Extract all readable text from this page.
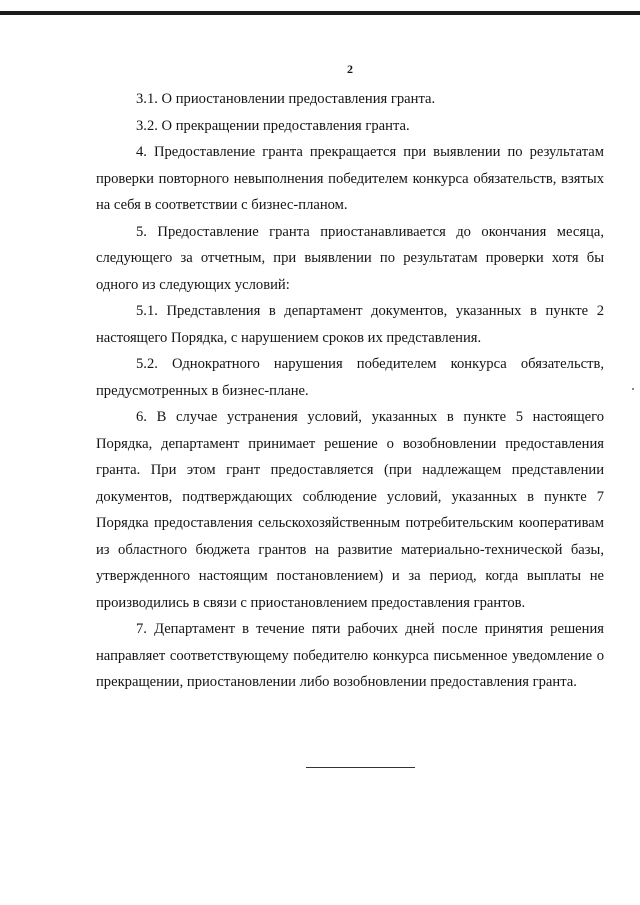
2

3.1. О приостановлении предоставления гранта.

3.2. О прекращении предоставления гранта.

4. Предоставление гранта прекращается при выявлении по результатам проверки повторного невыполнения победителем конкурса обязательств, взятых на себя в соответствии с бизнес-планом.

5. Предоставление гранта приостанавливается до окончания месяца, следующего за отчетным, при выявлении по результатам проверки хотя бы одного из следующих условий:

5.1. Представления в департамент документов, указанных в пункте 2 настоящего Порядка, с нарушением сроков их представления.

5.2. Однократного нарушения победителем конкурса обязательств, предусмотренных в бизнес-плане.

6. В случае устранения условий, указанных в пункте 5 настоящего Порядка, департамент принимает решение о возобновлении предоставления гранта. При этом грант предоставляется (при надлежащем представлении документов, подтверждающих соблюдение условий, указанных в пункте 7 Порядка предоставления сельскохозяйственным потребительским кооперативам из областного бюджета грантов на развитие материально-технической базы, утвержденного настоящим постановлением) и за период, когда выплаты не производились в связи с приостановлением предоставления грантов.

7. Департамент в течение пяти рабочих дней после принятия решения направляет соответствующему победителю конкурса письменное уведомление о прекращении, приостановлении либо возобновлении предоставления гранта.
